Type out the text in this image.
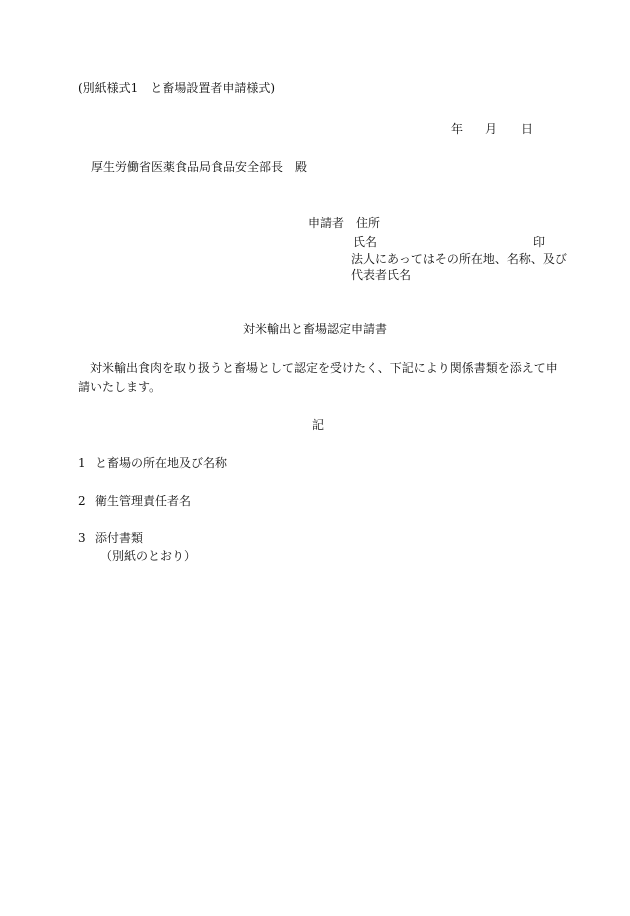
(別紙様式1　と畜場設置者申請様式)
年 月 日
厚生労働省医薬食品局食品安全部長　殿
申請者 住所
氏名	印
法人にあってはその所在地、名称、及び
代表者氏名
対米輸出と畜場認定申請書
対米輸出食肉を取り扱うと畜場として認定を受けたく、下記により関係書類を添えて申
請いたします。
記
1 と畜場の所在地及び名称
2 衛生管理責任者名
3 添付書類
（別紙のとおり）
